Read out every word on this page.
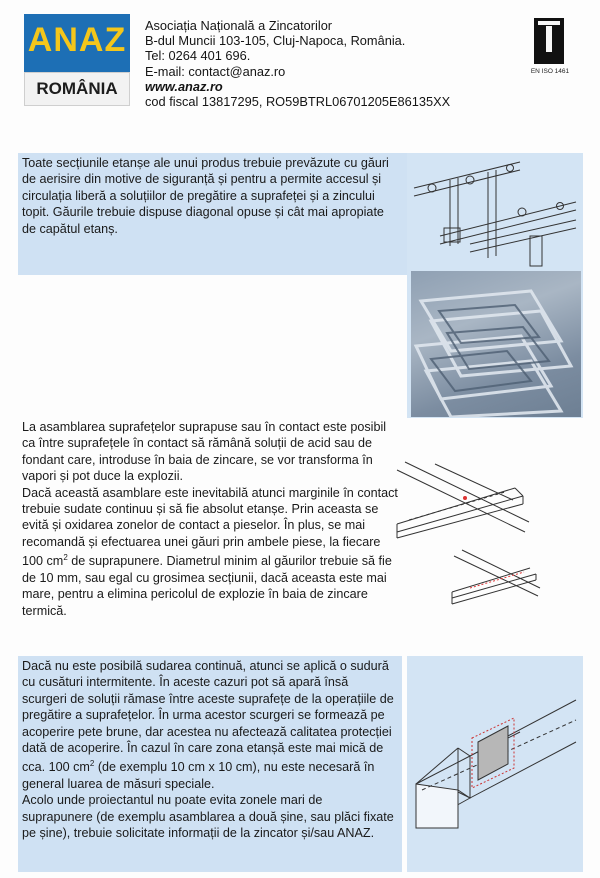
ANAZ
ROMÂNIA
Asociația Națională a Zincatorilor
B-dul Muncii 103-105, Cluj-Napoca, România.
Tel: 0264 401 696.
E-mail: contact@anaz.ro
www.anaz.ro
cod fiscal 13817295, RO59BTRL06701205E86135XX
EN ISO 1461

Toate secțiunile etanșe ale unui produs trebuie prevăzute cu găuri de aerisire din motive de siguranță și pentru a permite accesul și circulația liberă a soluțiilor de pregătire a suprafeței și a zincului topit. Găurile trebuie dispuse diagonal opuse și cât mai apropiate de capătul etanș.

La asamblarea suprafețelor suprapuse sau în contact este posibil ca între suprafețele în contact să rămână soluții de acid sau de fondant care, introduse în baia de zincare, se vor transforma în vapori și pot duce la explozii.

Dacă această asamblare este inevitabilă atunci marginile în contact trebuie sudate continuu și să fie absolut etanșe. Prin aceasta se evită și oxidarea zonelor de contact a pieselor. În plus, se mai recomandă și efectuarea unei găuri prin ambele piese, la fiecare 100 $cm^2$ de suprapunere. Diametrul minim al găurilor trebuie să fie de 10 mm, sau egal cu grosimea secțiunii, dacă aceasta este mai mare, pentru a elimina pericolul de explozie în baia de zincare termică.

Dacă nu este posibilă sudarea continuă, atunci se aplică o sudură cu cusături intermitente. În aceste cazuri pot să apară însă scurgeri de soluții rămase între aceste suprafețe de la operațiile de pregătire a suprafețelor. În urma acestor scurgeri se formează pe acoperire pete brune, dar acestea nu afectează calitatea protecției dată de acoperire. În cazul în care zona etanșă este mai mică de cca. 100 $cm^2$ (de exemplu 10 cm x 10 cm), nu este necesară în general luarea de măsuri speciale.

Acolo unde proiectantul nu poate evita zonele mari de suprapunere (de exemplu asamblarea a două șine, sau plăci fixate pe șine), trebuie solicitate informații de la zincator și/sau ANAZ.
